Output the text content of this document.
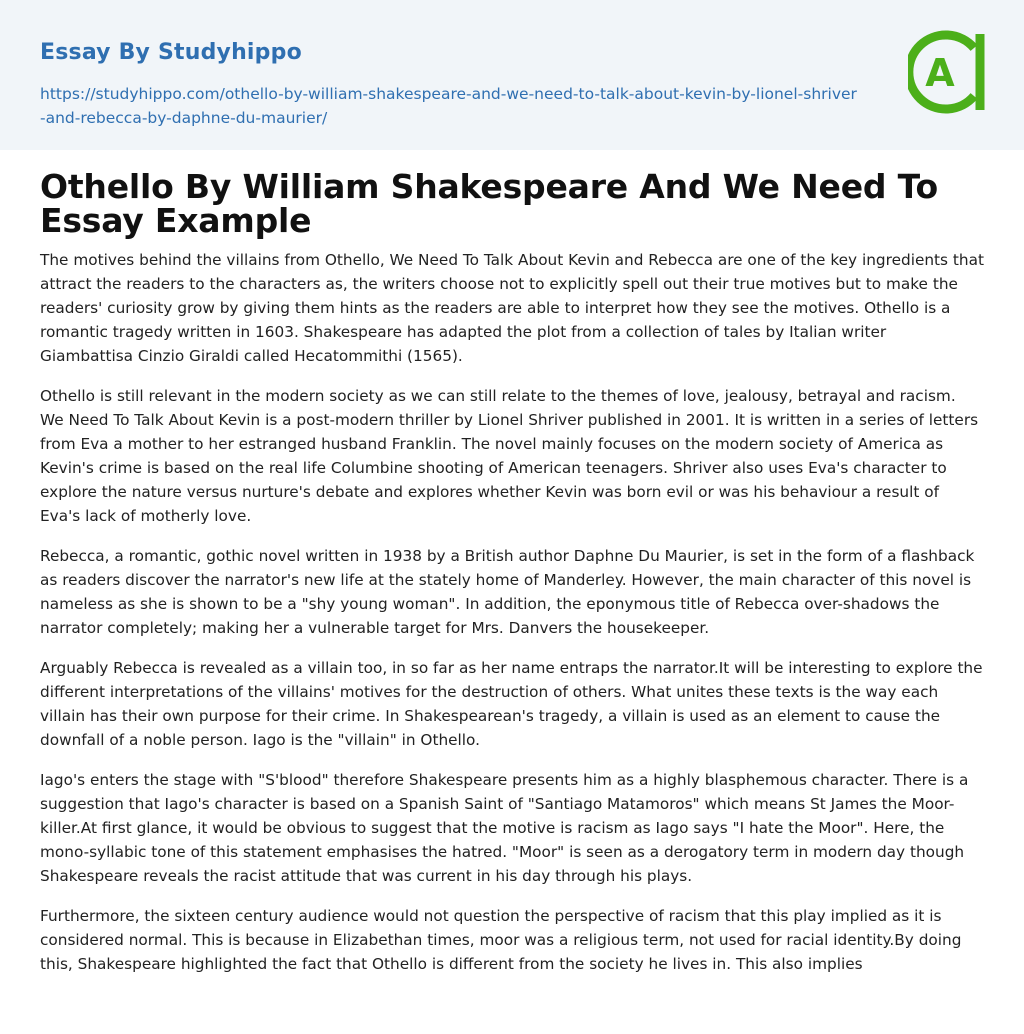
Essay By Studyhippo
https://studyhippo.com/othello-by-william-shakespeare-and-we-need-to-talk-about-kevin-by-lionel-shriver-and-rebecca-by-daphne-du-maurier/
A
Othello By William Shakespeare And We Need To Essay Example

The motives behind the villains from Othello, We Need To Talk About Kevin and Rebecca are one of the key ingredients that attract the readers to the characters as, the writers choose not to explicitly spell out their true motives but to make the readers' curiosity grow by giving them hints as the readers are able to interpret how they see the motives. Othello is a romantic tragedy written in 1603. Shakespeare has adapted the plot from a collection of tales by Italian writer Giambattisa Cinzio Giraldi called Hecatommithi (1565).

Othello is still relevant in the modern society as we can still relate to the themes of love, jealousy, betrayal and racism. We Need To Talk About Kevin is a post-modern thriller by Lionel Shriver published in 2001. It is written in a series of letters from Eva a mother to her estranged husband Franklin. The novel mainly focuses on the modern society of America as Kevin's crime is based on the real life Columbine shooting of American teenagers. Shriver also uses Eva's character to explore the nature versus nurture's debate and explores whether Kevin was born evil or was his behaviour a result of Eva's lack of motherly love.

Rebecca, a romantic, gothic novel written in 1938 by a British author Daphne Du Maurier, is set in the form of a flashback as readers discover the narrator's new life at the stately home of Manderley. However, the main character of this novel is nameless as she is shown to be a "shy young woman". In addition, the eponymous title of Rebecca over-shadows the narrator completely; making her a vulnerable target for Mrs. Danvers the housekeeper.

Arguably Rebecca is revealed as a villain too, in so far as her name entraps the narrator.It will be interesting to explore the different interpretations of the villains' motives for the destruction of others. What unites these texts is the way each villain has their own purpose for their crime. In Shakespearean's tragedy, a villain is used as an element to cause the downfall of a noble person. Iago is the "villain" in Othello.

Iago's enters the stage with "S'blood" therefore Shakespeare presents him as a highly blasphemous character. There is a suggestion that Iago's character is based on a Spanish Saint of "Santiago Matamoros" which means St James the Moor-killer.At first glance, it would be obvious to suggest that the motive is racism as Iago says "I hate the Moor". Here, the mono-syllabic tone of this statement emphasises the hatred. "Moor" is seen as a derogatory term in modern day though Shakespeare reveals the racist attitude that was current in his day through his plays.

Furthermore, the sixteen century audience would not question the perspective of racism that this play implied as it is considered normal. This is because in Elizabethan times, moor was a religious term, not used for racial identity.By doing this, Shakespeare highlighted the fact that Othello is different from the society he lives in. This also implies
